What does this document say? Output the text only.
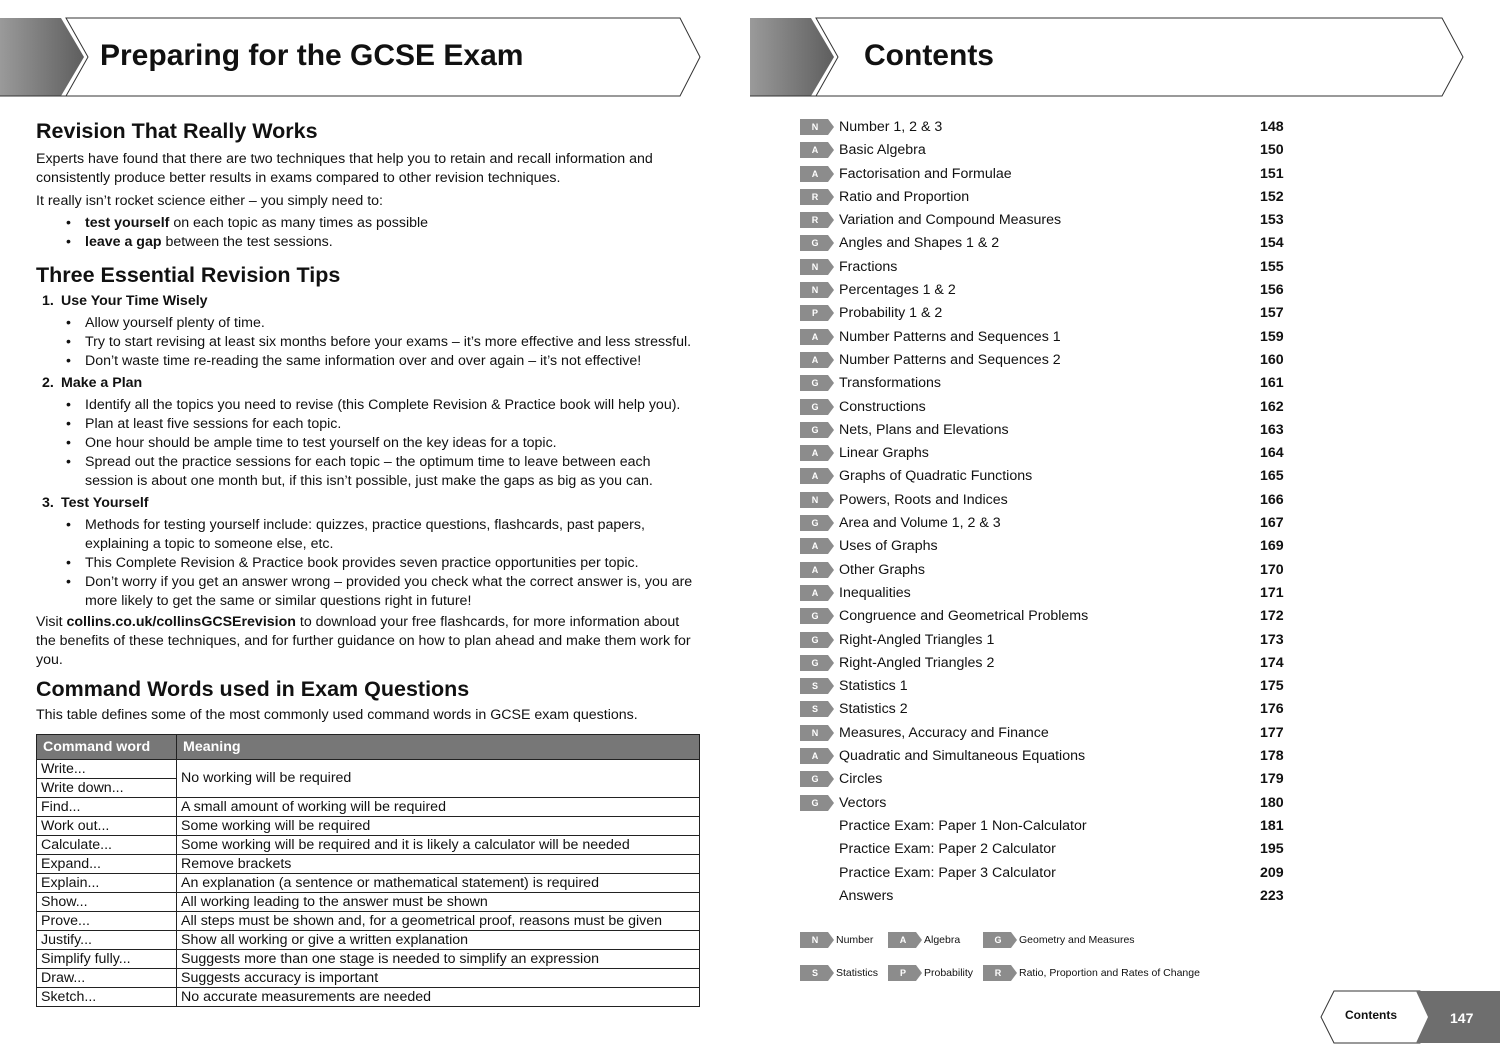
Preparing for the GCSE Exam	Contents
Revision That Really Works

Experts have found that there are two techniques that help you to retain and recall information and consistently produce better results in exams compared to other revision techniques.

It really isn’t rocket science either – you simply need to:

• test yourself on each topic as many times as possible
• leave a gap between the test sessions.
Three Essential Revision Tips
1. Use Your Time Wisely
• Allow yourself plenty of time.
• Try to start revising at least six months before your exams – it’s more effective and less stressful.
• Don’t waste time re-reading the same information over and over again – it’s not effective!
2. Make a Plan
• Identify all the topics you need to revise (this Complete Revision & Practice book will help you).
• Plan at least five sessions for each topic.
• One hour should be ample time to test yourself on the key ideas for a topic.
• Spread out the practice sessions for each topic – the optimum time to leave between each session is about one month but, if this isn’t possible, just make the gaps as big as you can.
3. Test Yourself
• Methods for testing yourself include: quizzes, practice questions, flashcards, past papers, explaining a topic to someone else, etc.
• This Complete Revision & Practice book provides seven practice opportunities per topic.
• Don’t worry if you get an answer wrong – provided you check what the correct answer is, you are more likely to get the same or similar questions right in future!

Visit collins.co.uk/collinsGCSErevision to download your free flashcards, for more information about the benefits of these techniques, and for further guidance on how to plan ahead and make them work for you.

Command Words used in Exam Questions

This table defines some of the most commonly used command words in GCSE exam questions.

Command word	Meaning
Write...	No working will be required
Write down...	
Find...	A small amount of working will be required
Work out...	Some working will be required
Calculate...	Some working will be required and it is likely a calculator will be needed
Expand...	Remove brackets
Explain...	An explanation (a sentence or mathematical statement) is required
Show...	All working leading to the answer must be shown
Prove...	All steps must be shown and, for a geometrical proof, reasons must be given
Justify...	Show all working or give a written explanation
Simplify fully...	Suggests more than one stage is needed to simplify an expression
Draw...	Suggests accuracy is important
Sketch...	No accurate measurements are needed
N	Number 1, 2 & 3	148
A	Basic Algebra	150
A	Factorisation and Formulae	151
R	Ratio and Proportion	152
R	Variation and Compound Measures	153
G	Angles and Shapes 1 & 2	154
N	Fractions	155
N	Percentages 1 & 2	156
P	Probability 1 & 2	157
A	Number Patterns and Sequences 1	159
A	Number Patterns and Sequences 2	160
G	Transformations	161
G	Constructions	162
G	Nets, Plans and Elevations	163
A	Linear Graphs	164
A	Graphs of Quadratic Functions	165
N	Powers, Roots and Indices	166
G	Area and Volume 1, 2 & 3	167
A	Uses of Graphs	169
A	Other Graphs	170
A	Inequalities	171
G	Congruence and Geometrical Problems	172
G	Right-Angled Triangles 1	173
G	Right-Angled Triangles 2	174
S	Statistics 1	175
S	Statistics 2	176
N	Measures, Accuracy and Finance	177
A	Quadratic and Simultaneous Equations	178
G	Circles	179
G	Vectors	180
Practice Exam: Paper 1 Non-Calculator	181
Practice Exam: Paper 2 Calculator	195
Practice Exam: Paper 3 Calculator	209
Answers	223
N	Number	A	Algebra	G	Geometry and Measures
S	Statistics	P	Probability	R	Ratio, Proportion and Rates of Change
Contents	147
